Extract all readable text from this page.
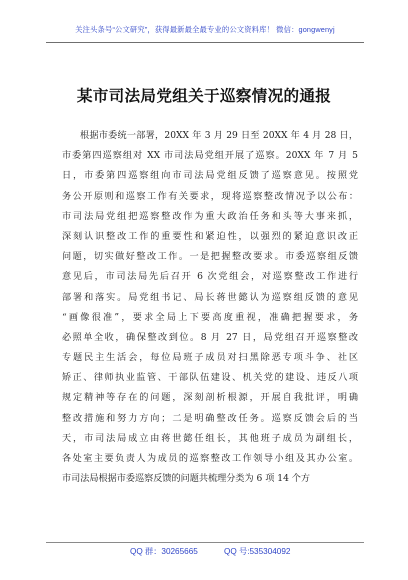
关注头条号“公文研究”，获得最新最全最专业的公文资料库！ 微信：gongwenyj
某市司法局党组关于巡察情况的通报
根据市委统一部署，20XX 年 3 月 29 日至 20XX 年 4 月 28 日，
市委第四巡察组对 XX 市司法局党组开展了巡察。20XX 年 7 月 5
日，市委第四巡察组向市司法局党组反馈了巡察意见。按照党
务公开原则和巡察工作有关要求，现将巡察整改情况予以公布：
市司法局党组把巡察整改作为重大政治任务和头等大事来抓，
深刻认识整改工作的重要性和紧迫性，以强烈的紧迫意识改正
问题，切实做好整改工作。一是把握整改要求。市委巡察组反馈
意见后，市司法局先后召开 6 次党组会，对巡察整改工作进行
部署和落实。局党组书记、局长蒋世懿认为巡察组反馈的意见
“画像很准”，要求全局上下要高度重视，准确把握要求，务
必照单全收，确保整改到位。8 月 27 日，局党组召开巡察整改
专题民主生活会，每位局班子成员对扫黑除恶专项斗争、社区
矫正、律师执业监管、干部队伍建设、机关党的建设、违反八项
规定精神等存在的问题，深刻剖析根源，开展自我批评，明确
整改措施和努力方向；二是明确整改任务。巡察反馈会后的当
天，市司法局成立由蒋世懿任组长，其他班子成员为副组长，
各处室主要负责人为成员的巡察整改工作领导小组及其办公室。
市司法局根据市委巡察反馈的问题共梳理分类为 6 项 14 个方
QQ 群：30265665	QQ 号:535304092
